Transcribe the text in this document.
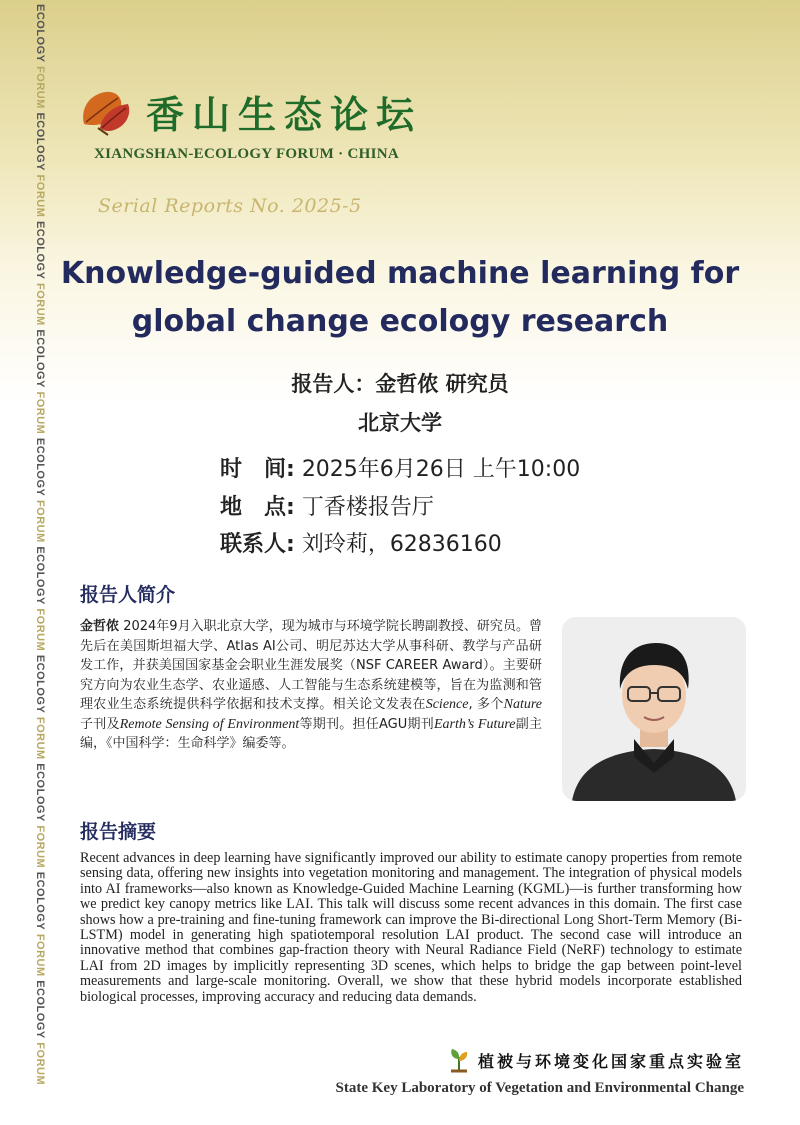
ECOLOGY FORUM ECOLOGY FORUM ECOLOGY FORUM ECOLOGY FORUM ECOLOGY FORUM ECOLOGY FORUM ECOLOGY FORUM ECOLOGY FORUM ECOLOGY FORUM ECOLOGY FORUM
香山生态论坛
XIANGSHAN-ECOLOGY FORUM · CHINA
Serial Reports No. 2025-5
Knowledge-guided machine learning for
global change ecology research
报告人：金哲侬 研究员
北京大学
时　间: 2025年6月26日 上午10:00
地　点: 丁香楼报告厅
联系人: 刘玲莉，62836160
报告人简介
金哲侬 2024年9月入职北京大学，现为城市与环境学院长聘副教授、研究员。曾先后在美国斯坦福大学、Atlas AI公司、明尼苏达大学从事科研、教学与产品研发工作，并获美国国家基金会职业生涯发展奖（NSF CAREER Award）。主要研究方向为农业生态学、农业遥感、人工智能与生态系统建模等，旨在为监测和管理农业生态系统提供科学依据和技术支撑。相关论文发表在Science, 多个Nature子刊及Remote Sensing of Environment等期刊。担任AGU期刊Earth’s Future副主编，《中国科学：生命科学》编委等。
报告摘要
Recent advances in deep learning have significantly improved our ability to estimate canopy properties from remote sensing data, offering new insights into vegetation monitoring and management. The integration of physical models into AI frameworks—also known as Knowledge-Guided Machine Learning (KGML)—is further transforming how we predict key canopy metrics like LAI. This talk will discuss some recent advances in this domain. The first case shows how a pre-training and fine-tuning framework can improve the Bi-directional Long Short-Term Memory (Bi-LSTM) model in generating high spatiotemporal resolution LAI product. The second case will introduce an innovative method that combines gap-fraction theory with Neural Radiance Field (NeRF) technology to estimate LAI from 2D images by implicitly representing 3D scenes, which helps to bridge the gap between point-level measurements and large-scale monitoring. Overall, we show that these hybrid models incorporate established biological processes, improving accuracy and reducing data demands.
植被与环境变化国家重点实验室
State Key Laboratory of Vegetation and Environmental Change
